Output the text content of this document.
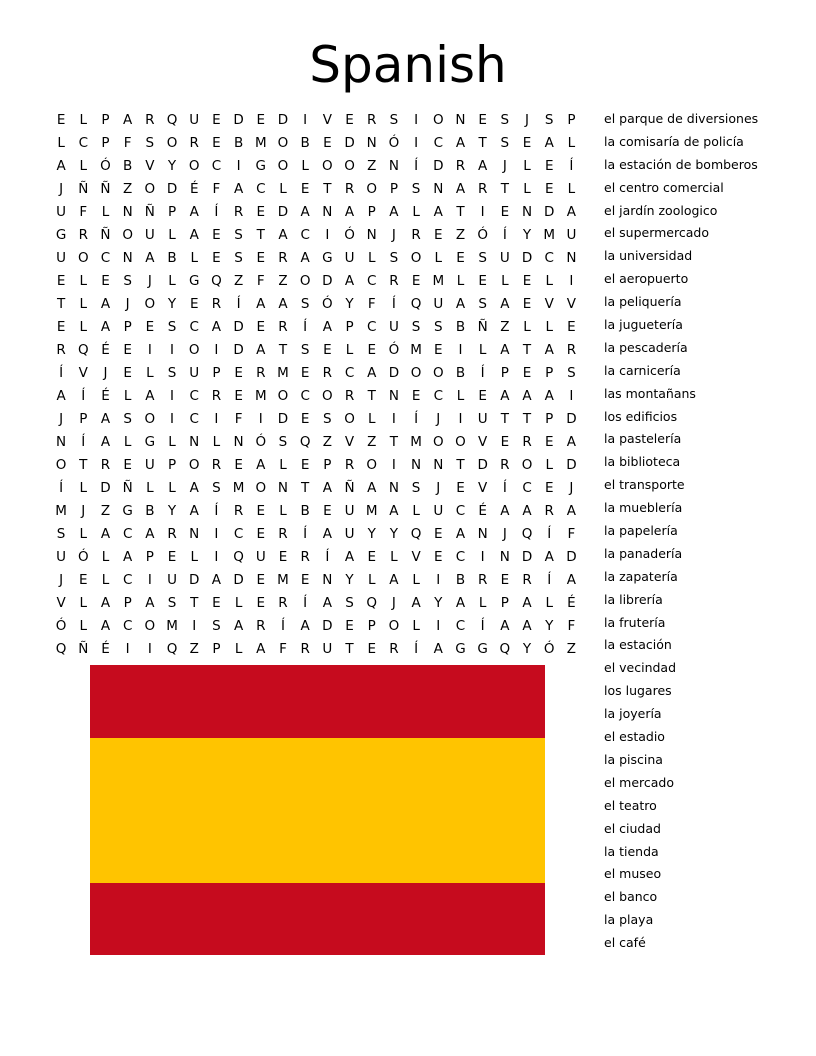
Spanish
E	L	P A R Q U E D E D	I	V E R S	I	O N E	S	J	S	P
L	C P	F	S O R E B M O B E D N Ó	I	C A T	S	E A	L
A	L Ó B V Y O C	I	G O L O O Z N	Í	D R A	J	L	E	Í
J	Ñ Ñ Z O D É	F	A C	L	E	T R O P	S N A R T	L	E	L
U F	L N Ñ P A	Í	R E D A N A P A	L	A T	I	E N D A
G R Ñ O U L	A E	S	T A C	I	Ó N	J	R E Z Ó	Í	Y M U
U O C N A B	L	E	S	E R A G U L	S O L	E	S U D C N
E	L	E	S	J	L G Q Z	F	Z O D A C R E M L	E	L	E	L	I
T	L	A	J	O Y	E R	Í	A A S Ó Y	F	Í	Q U A S A E V V
E	L	A P	E	S C A D E R	Í	A P C U S	S B Ñ Z	L	L	E
R Q É	E	I	I	O	I	D A T	S	E	L	E Ó M E	I	L	A T A R
Í	V	J	E	L	S U P	E R M E R C A D O O B	Í	P	E	P	S
A	Í	É	L	A	I	C R E M O C O R T N E C	L	E A A A	I
J	P A S O	I	C	I	F	I	D E	S O L	I	Í	J	I	U T	T	P D
N	Í	A	L G L N L N Ó S Q Z V Z T M O O V E R E A
O T R E U P O R E A	L	E	P R O	I	N N T D R O L D
Í	L D Ñ L	L	A S M O N T A Ñ A N S	J	E V	Í	C E	J
M	J	Z G B Y A	Í	R E	L	B E U M A	L U C É A A R A
S	L	A C A R N	I	C E R	Í	A U Y	Y Q E A N	J	Q	Í	F
U Ó L	A P	E	L	I	Q U E R	Í	A E	L	V E C	I	N D A D
J	E	L	C	I	U D A D E M E N Y	L	A	L	I	B R E R	Í	A
V	L	A P A S	T	E	L	E R	Í	A S Q	J	A Y A	L	P A	L	É
Ó L	A C O M	I	S A R	Í	A D E	P O L	I	C	Í	A A Y	F
Q Ñ É	I	I	Q Z P	L	A	F	R U T	E R	Í	A G G Q Y Ó Z
el parque de diversiones
la comisaría de policía
la estación de bomberos
el centro comercial
el jardín zoologico
el supermercado
la universidad
el aeropuerto
la peliquería
la juguetería
la pescadería
la carnicería
las montañans
los edificios
la pastelería
la biblioteca
el transporte
la mueblería
la papelería
la panadería
la zapatería
la librería
la frutería
la estación
el vecindad
los lugares
la joyería
el estadio
la piscina
el mercado
el teatro
el ciudad
la tienda
el museo
el banco
la playa
el café
